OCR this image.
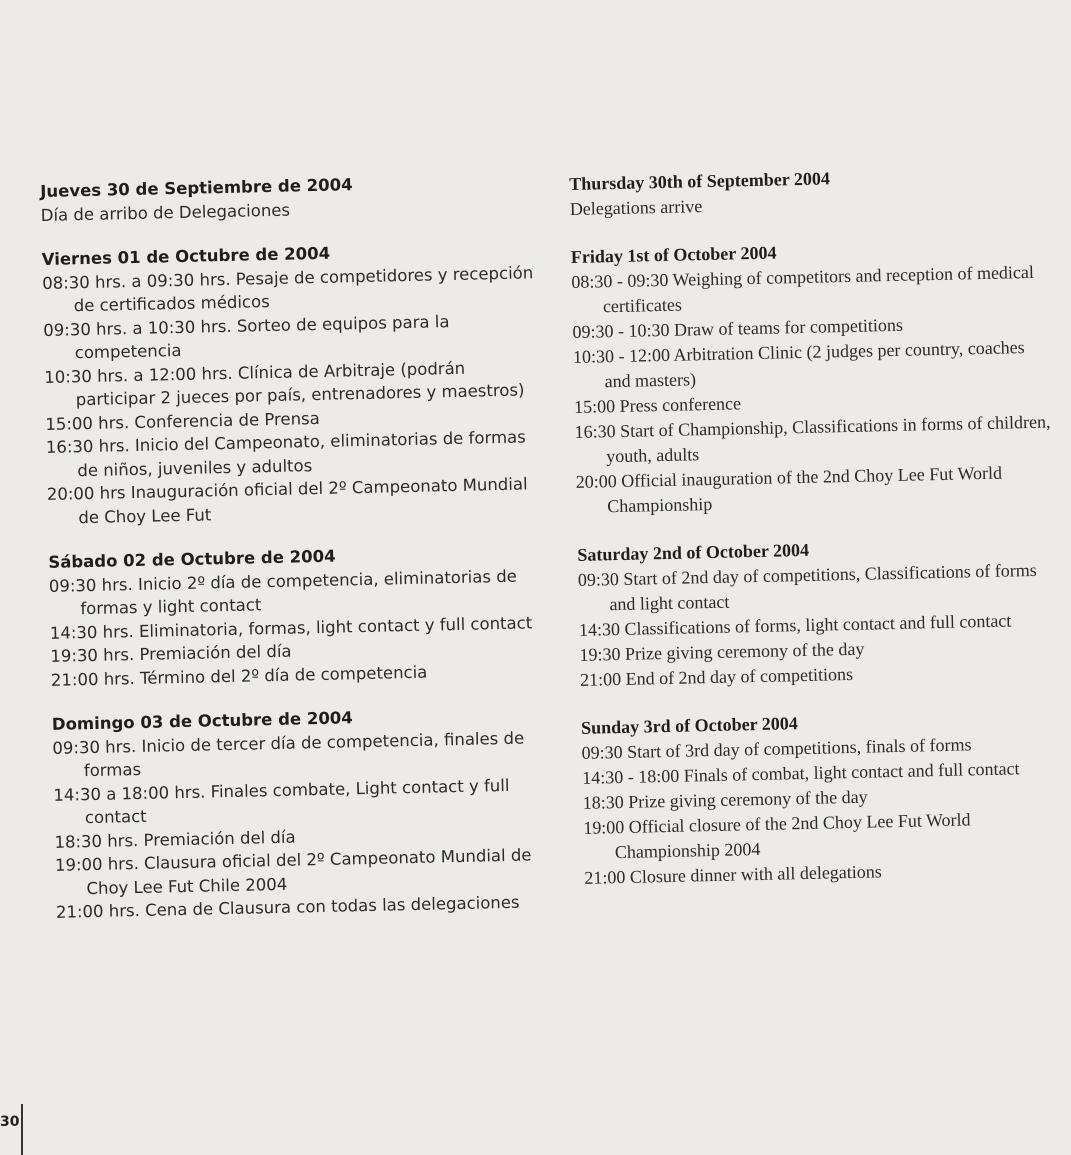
Jueves 30 de Septiembre de 2004
Día de arribo de Delegaciones
Viernes 01 de Octubre de 2004
08:30 hrs. a 09:30 hrs. Pesaje de competidores y recepción de certificados médicos
09:30 hrs. a 10:30 hrs. Sorteo de equipos para la competencia
10:30 hrs. a 12:00 hrs. Clínica de Arbitraje (podrán participar 2 jueces por país, entrenadores y maestros)
15:00 hrs. Conferencia de Prensa
16:30 hrs. Inicio del Campeonato, eliminatorias de formas de niños, juveniles y adultos
20:00 hrs Inauguración oficial del 2º Campeonato Mundial de Choy Lee Fut
Sábado 02 de Octubre de 2004
09:30 hrs. Inicio 2º día de competencia, eliminatorias de formas y light contact
14:30 hrs. Eliminatoria, formas, light contact y full contact
19:30 hrs. Premiación del día
21:00 hrs. Término del 2º día de competencia
Domingo 03 de Octubre de 2004
09:30 hrs. Inicio de tercer día de competencia, finales de formas
14:30 a 18:00 hrs. Finales combate, Light contact y full contact
18:30 hrs. Premiación del día
19:00 hrs. Clausura oficial del 2º Campeonato Mundial de Choy Lee Fut Chile 2004
21:00 hrs. Cena de Clausura con todas las delegaciones
Thursday 30th of September 2004
Delegations arrive
Friday 1st of October 2004
08:30 - 09:30 Weighing of competitors and reception of medical certificates
09:30 - 10:30 Draw of teams for competitions
10:30 - 12:00 Arbitration Clinic (2 judges per country, coaches and masters)
15:00 Press conference
16:30 Start of Championship, Classifications in forms of children, youth, adults
20:00 Official inauguration of the 2nd Choy Lee Fut World Championship
Saturday 2nd of October 2004
09:30 Start of 2nd day of competitions, Classifications of forms and light contact
14:30 Classifications of forms, light contact and full contact
19:30 Prize giving ceremony of the day
21:00 End of 2nd day of competitions
Sunday 3rd of October 2004
09:30 Start of 3rd day of competitions, finals of forms
14:30 - 18:00 Finals of combat, light contact and full contact
18:30 Prize giving ceremony of the day
19:00 Official closure of the 2nd Choy Lee Fut World Championship 2004
21:00 Closure dinner with all delegations
30
